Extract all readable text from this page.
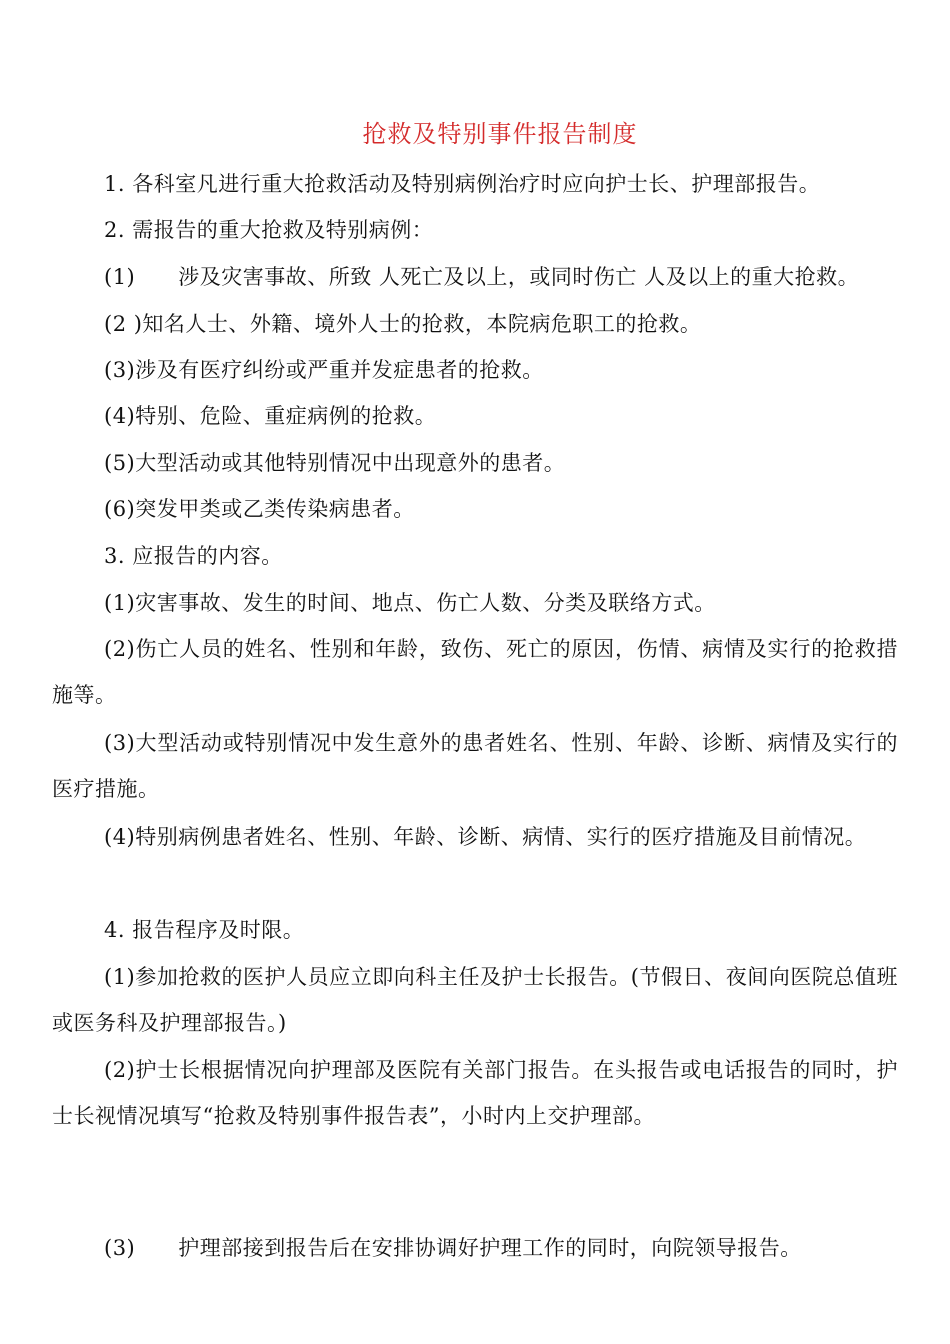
抢救及特别事件报告制度
1. 各科室凡进行重大抢救活动及特别病例治疗时应向护士长、护理部报告。
2. 需报告的重大抢救及特别病例：
(1)　　涉及灾害事故、所致 人死亡及以上，或同时伤亡 人及以上的重大抢救。
(2 )知名人士、外籍、境外人士的抢救，本院病危职工的抢救。
(3)涉及有医疗纠纷或严重并发症患者的抢救。
(4)特别、危险、重症病例的抢救。
(5)大型活动或其他特别情况中出现意外的患者。
(6)突发甲类或乙类传染病患者。
3. 应报告的内容。
(1)灾害事故、发生的时间、地点、伤亡人数、分类及联络方式。
(2)伤亡人员的姓名、性别和年龄，致伤、死亡的原因，伤情、病情及实行的抢救措施等。
(3)大型活动或特别情况中发生意外的患者姓名、性别、年龄、诊断、病情及实行的医疗措施。
(4)特别病例患者姓名、性别、年龄、诊断、病情、实行的医疗措施及目前情况。
4. 报告程序及时限。
(1)参加抢救的医护人员应立即向科主任及护士长报告。(节假日、夜间向医院总值班或医务科及护理部报告。)
(2)护士长根据情况向护理部及医院有关部门报告。在头报告或电话报告的同时，护士长视情况填写“抢救及特别事件报告表”，小时内上交护理部。
(3)　　护理部接到报告后在安排协调好护理工作的同时，向院领导报告。
